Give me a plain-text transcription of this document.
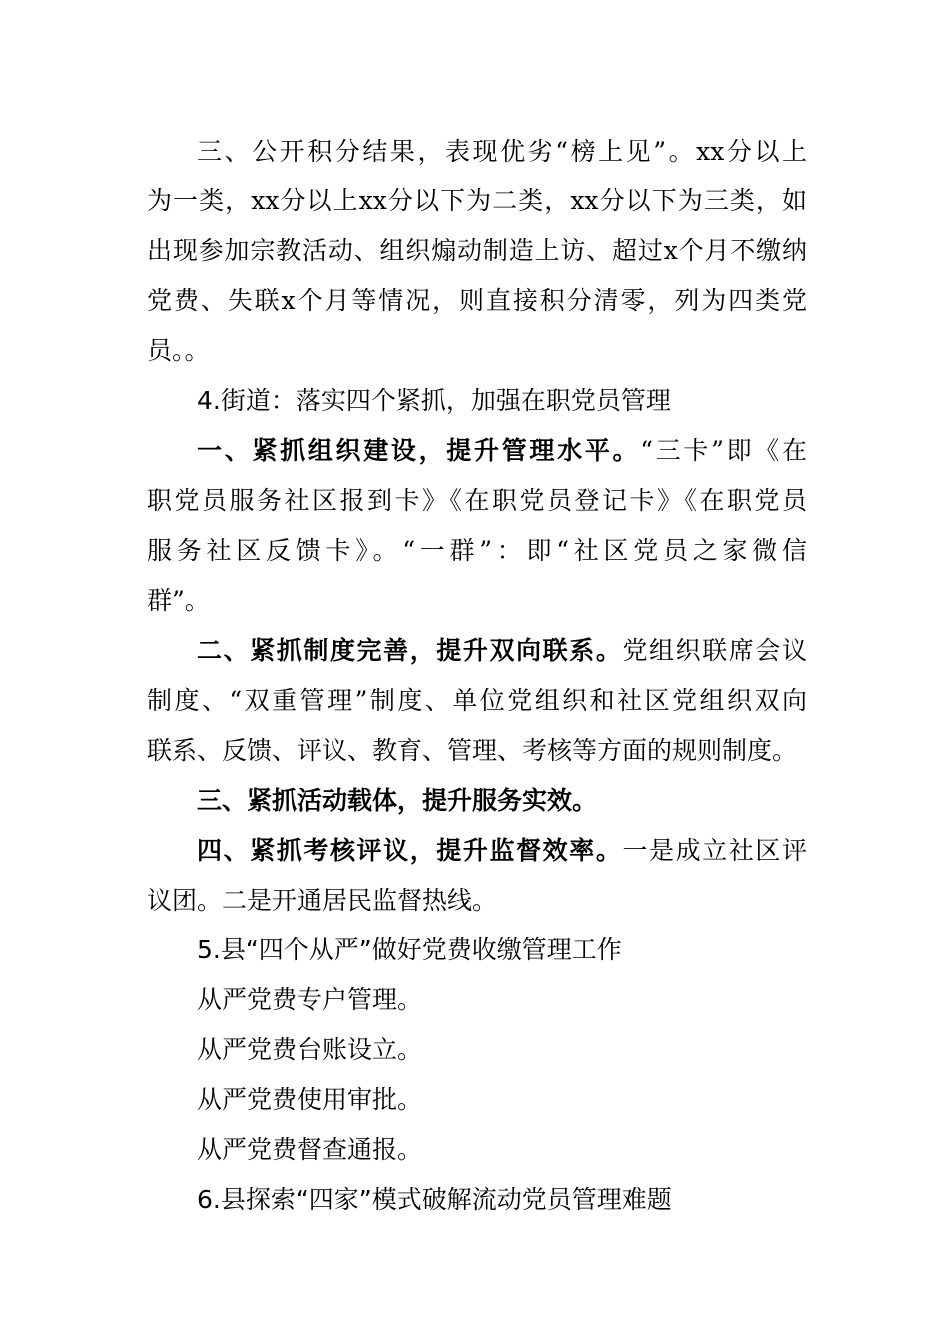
三、公开积分结果，表现优劣“榜上见”。xx分以上
为一类，xx分以上xx分以下为二类，xx分以下为三类，如
出现参加宗教活动、组织煽动制造上访、超过x个月不缴纳
党费、失联x个月等情况，则直接积分清零，列为四类党
员。。
4.街道：落实四个紧抓，加强在职党员管理
一、紧抓组织建设，提升管理水平。“三卡”即《在
职党员服务社区报到卡》《在职党员登记卡》《在职党员
服务社区反馈卡》。“一群”：即“社区党员之家微信
群”。
二、紧抓制度完善，提升双向联系。党组织联席会议
制度、“双重管理”制度、单位党组织和社区党组织双向
联系、反馈、评议、教育、管理、考核等方面的规则制度。
三、紧抓活动载体，提升服务实效。
四、紧抓考核评议，提升监督效率。一是成立社区评
议团。二是开通居民监督热线。
5.县“四个从严”做好党费收缴管理工作
从严党费专户管理。
从严党费台账设立。
从严党费使用审批。
从严党费督查通报。
6.县探索“四家”模式破解流动党员管理难题
